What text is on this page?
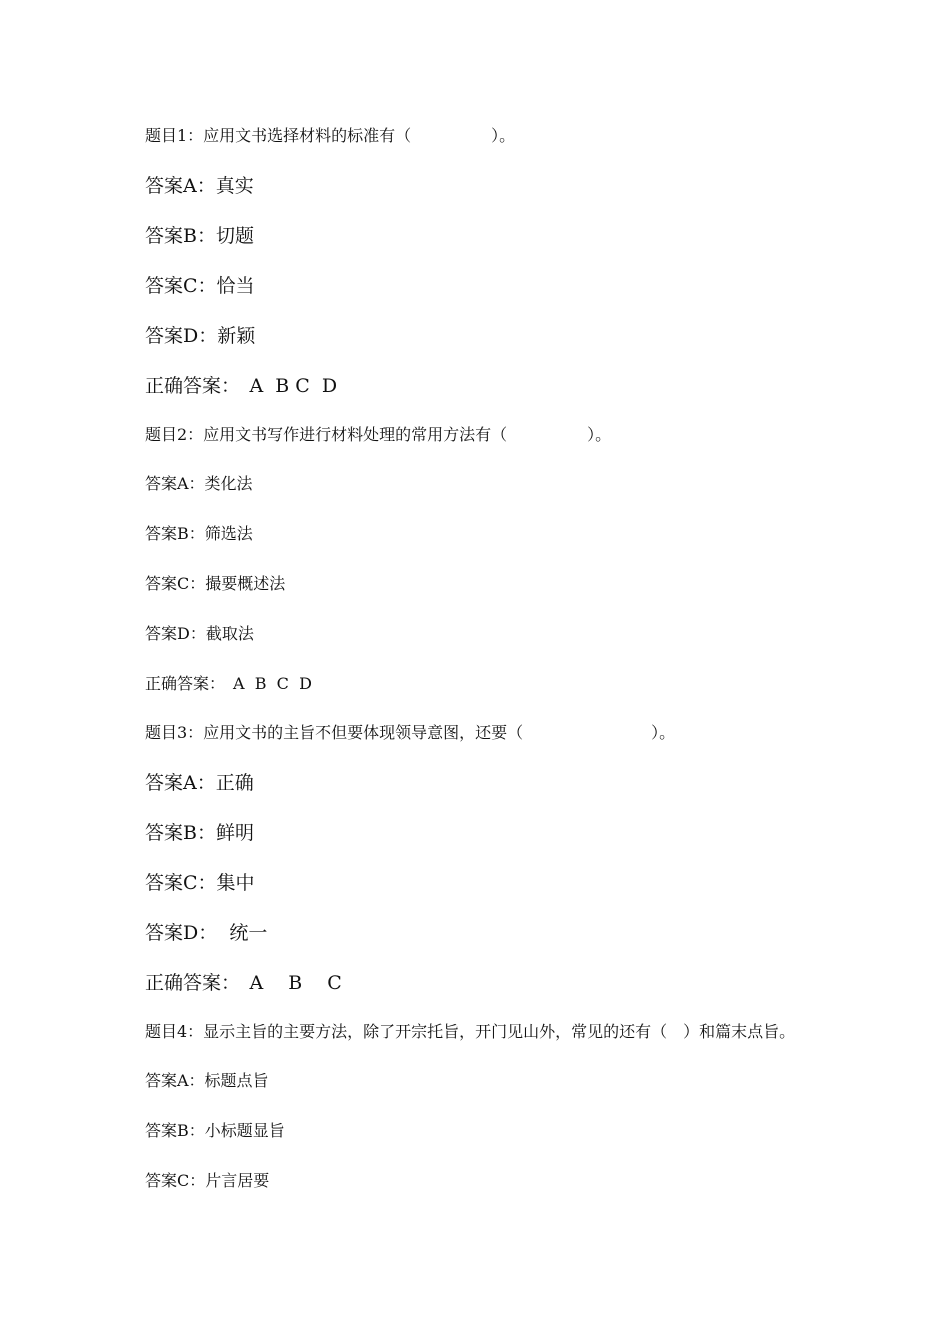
题目1：应用文书选择材料的标准有（　　　　　）。
答案A：真实
答案B：切题
答案C：恰当
答案D：新颖
正确答案：　A  B C  D
题目2：应用文书写作进行材料处理的常用方法有（　　　　　）。
答案A：类化法
答案B：筛选法
答案C：撮要概述法
答案D：截取法
正确答案：　A  B  C  D
题目3：应用文书的主旨不但要体现领导意图，还要（　　　　　　　　）。
答案A：正确
答案B：鲜明
答案C：集中
答案D：  统一
正确答案：　A　 B　 C
题目4：显示主旨的主要方法，除了开宗托旨，开门见山外，常见的还有（　）和篇末点旨。
答案A：标题点旨
答案B：小标题显旨
答案C：片言居要
